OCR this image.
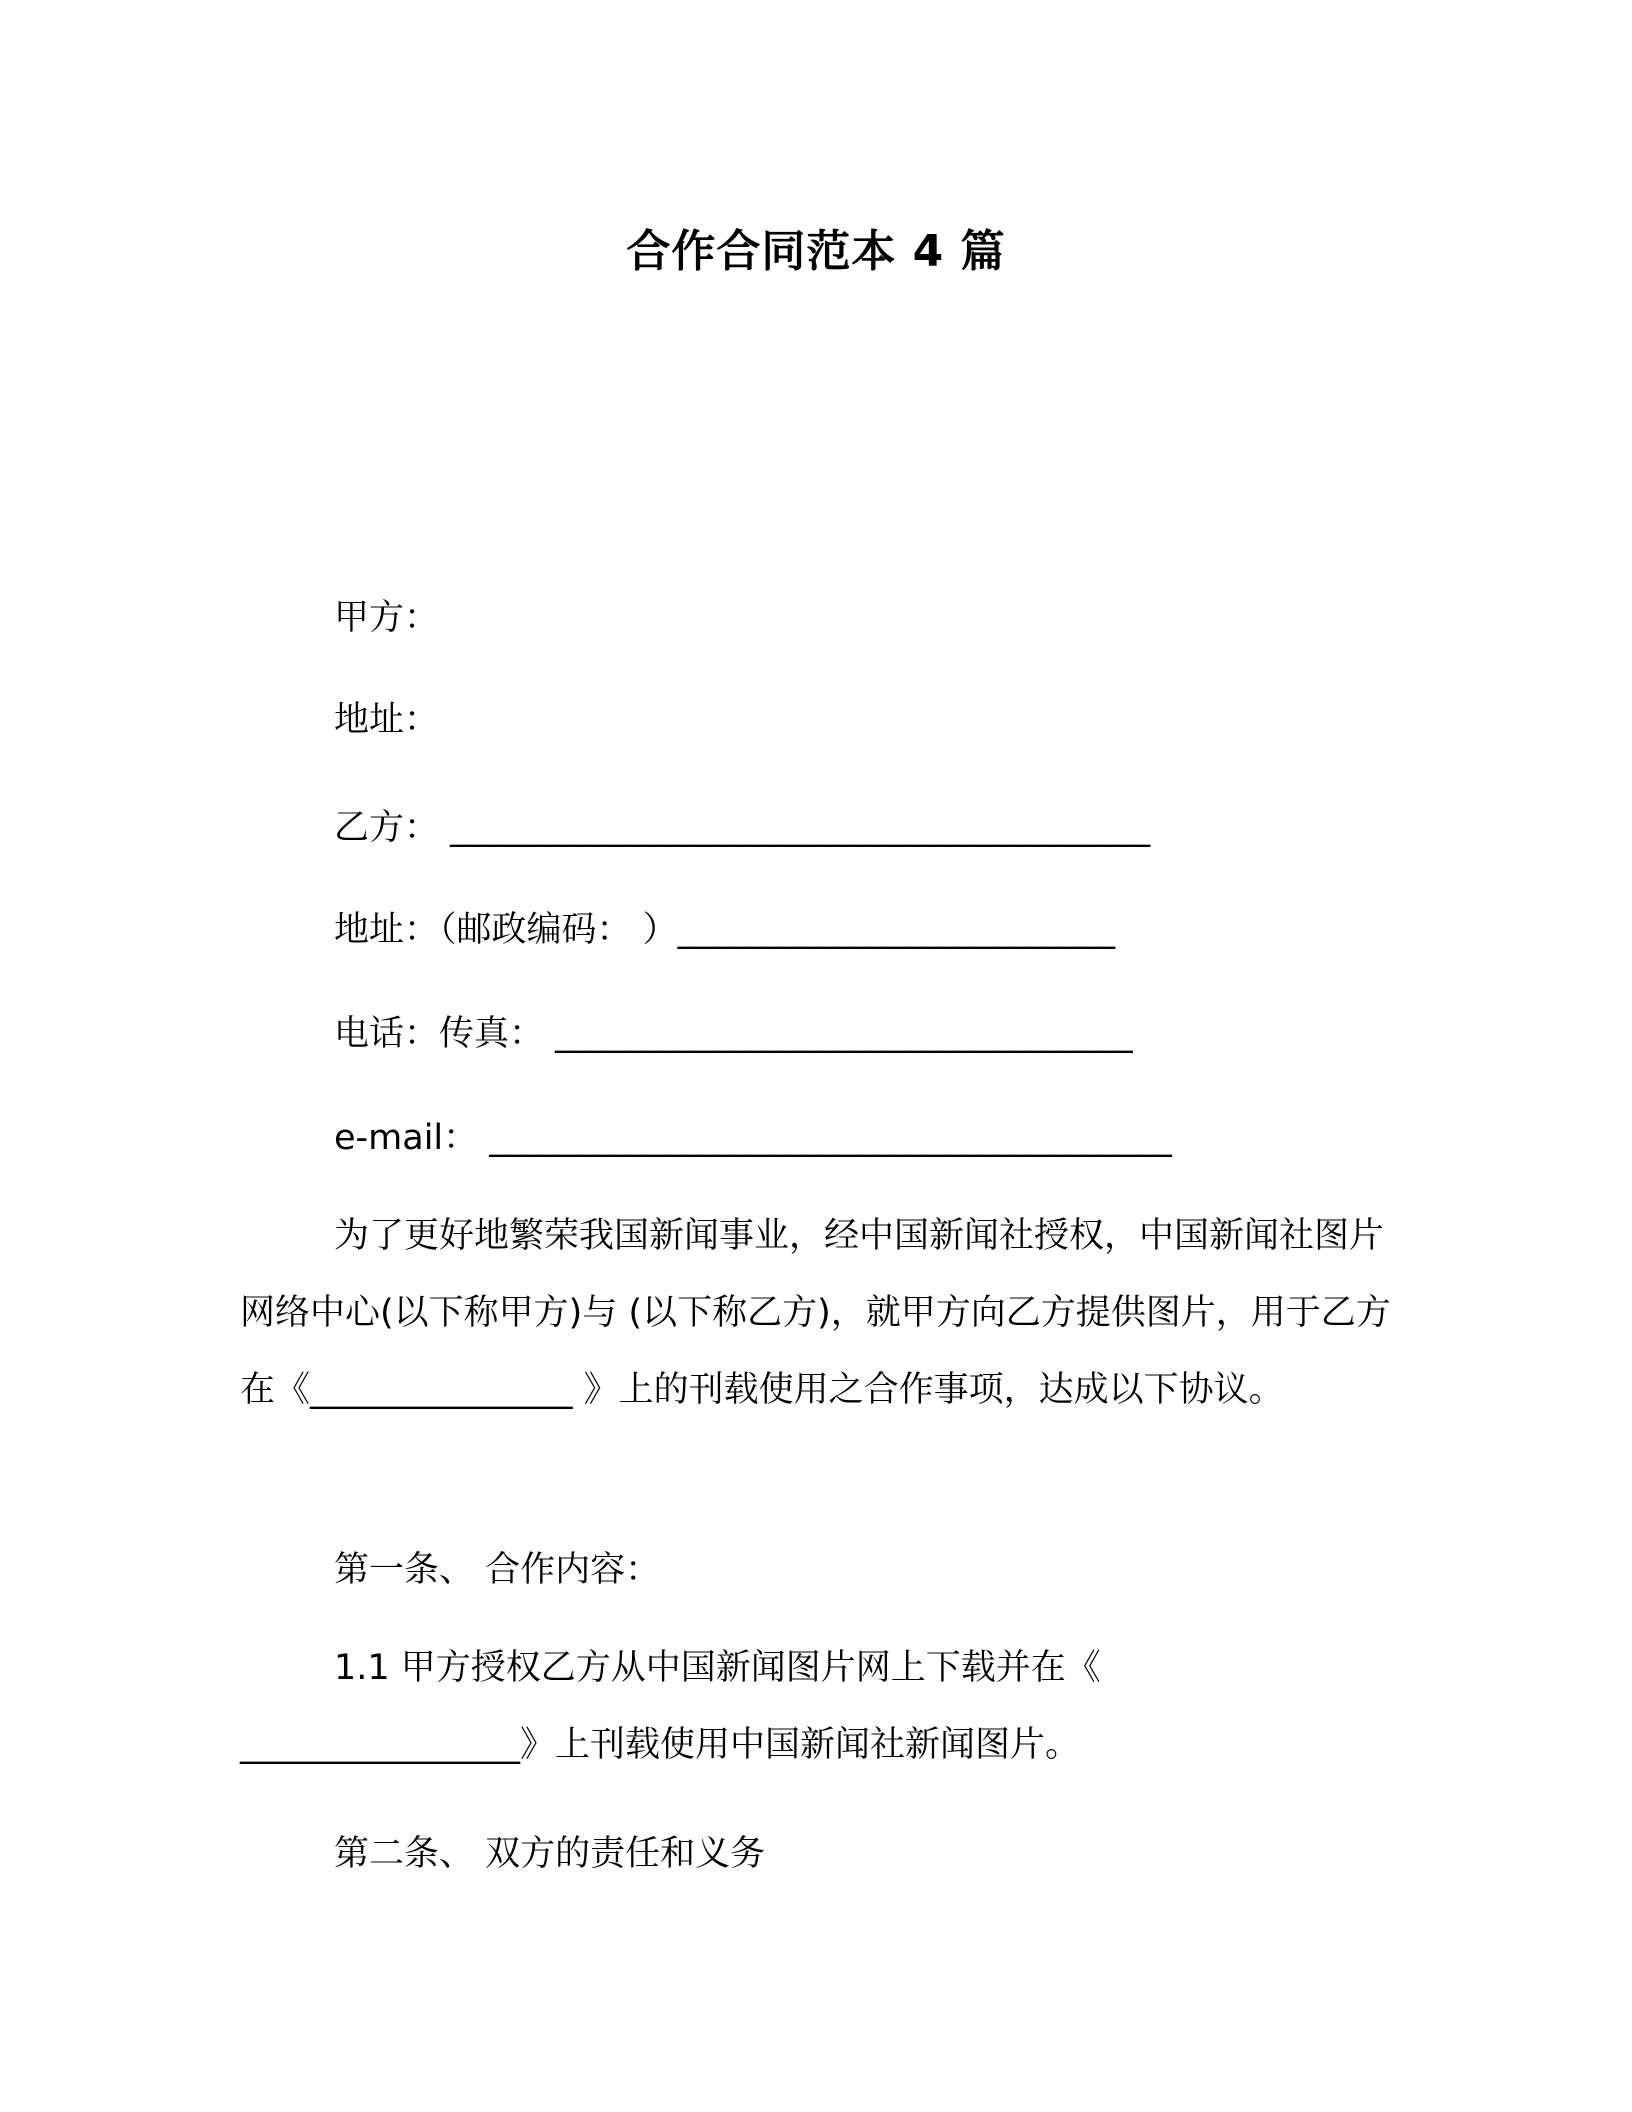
合作合同范本 4 篇

甲方：

地址：

乙方： ________________________________________

地址：（邮政编码： ）_________________________

电话：传真： _________________________________

e-mail： _______________________________________

为了更好地繁荣我国新闻事业，经中国新闻社授权，中国新闻社图片网络中心(以下称甲方)与 (以下称乙方)，就甲方向乙方提供图片，用于乙方在《_______________ 》上的刊载使用之合作事项，达成以下协议。

第一条、 合作内容：

1.1 甲方授权乙方从中国新闻图片网上下载并在《 ________________》上刊载使用中国新闻社新闻图片。

第二条、 双方的责任和义务
